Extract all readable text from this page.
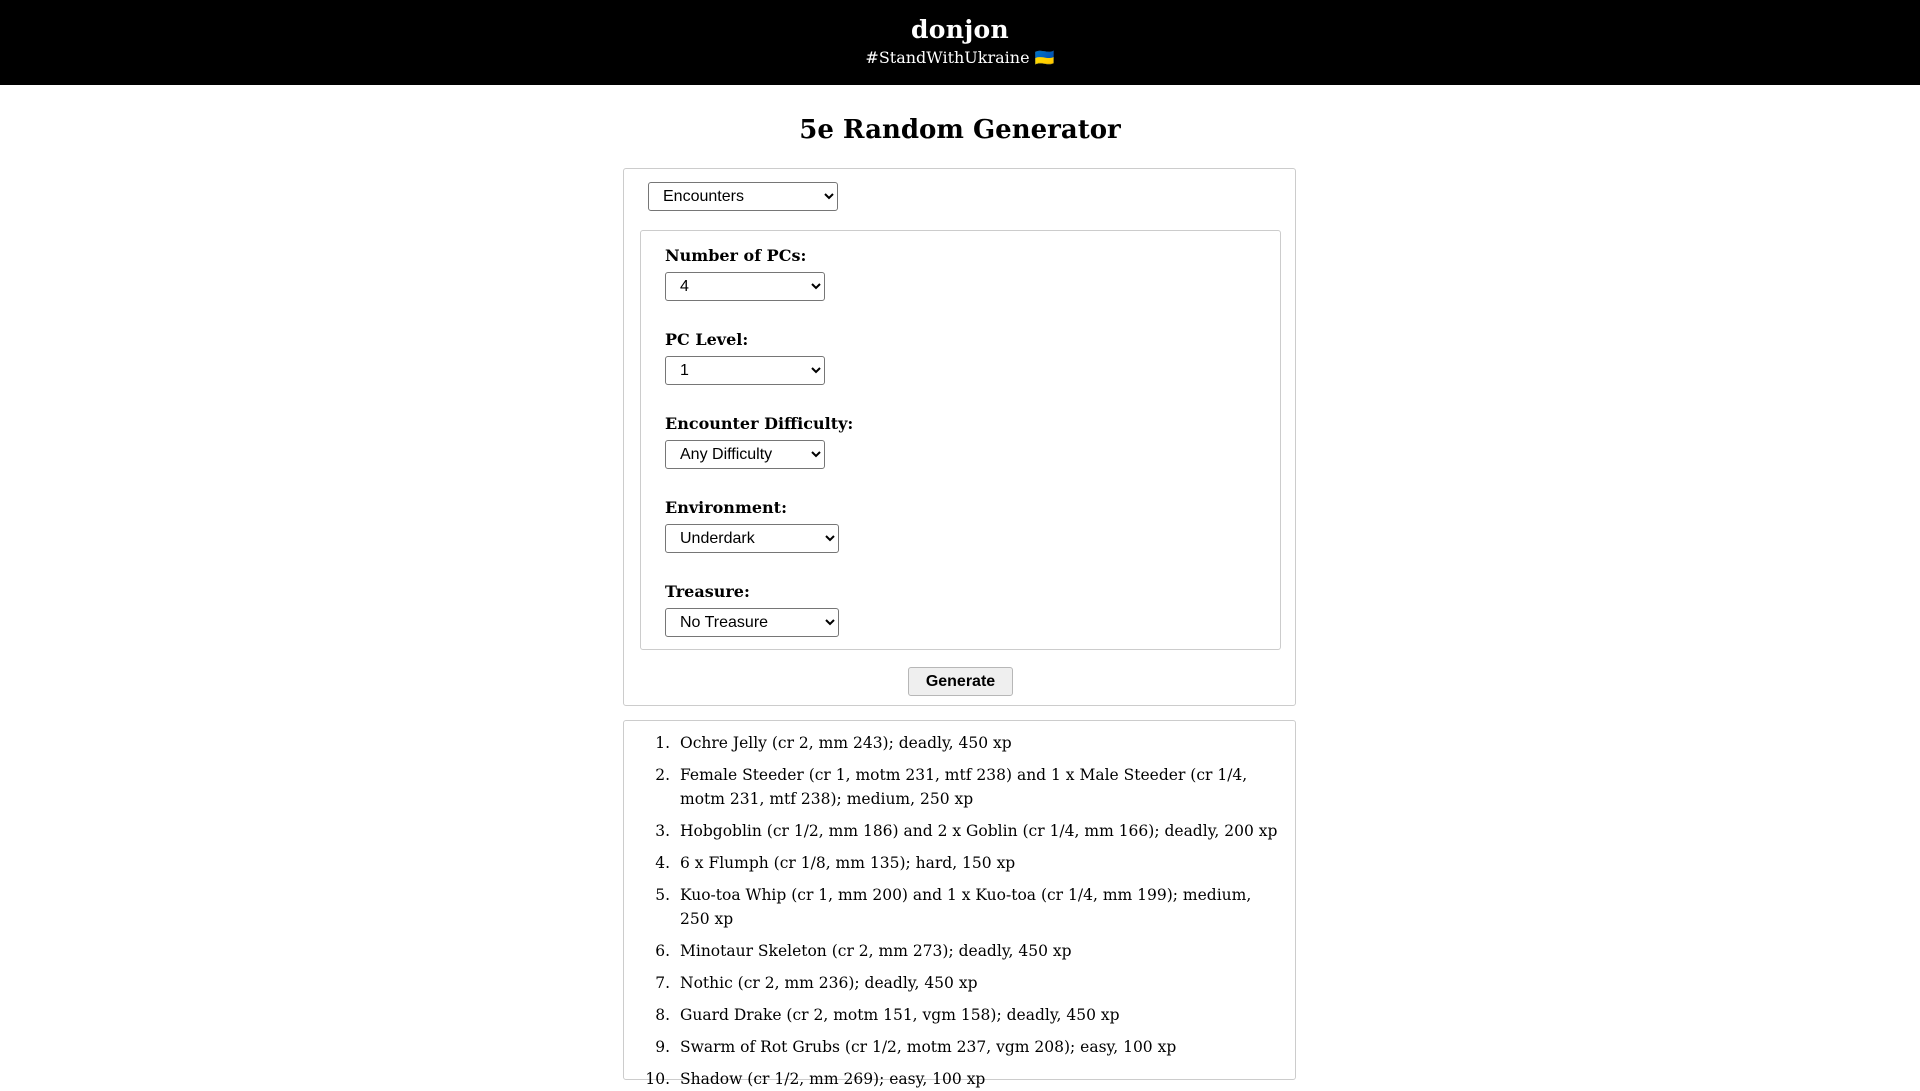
donjon
#StandWithUkraine 🇺🇦
5e Random Generator
Encounters
Number of PCs:
4
PC Level:
1
Encounter Difficulty:
Any Difficulty
Environment:
Underdark
Treasure:
No Treasure
Generate
1. Ochre Jelly (cr 2, mm 243); deadly, 450 xp
2. Female Steeder (cr 1, motm 231, mtf 238) and 1 x Male Steeder (cr 1/4, motm 231, mtf 238); medium, 250 xp
3. Hobgoblin (cr 1/2, mm 186) and 2 x Goblin (cr 1/4, mm 166); deadly, 200 xp
4. 6 x Flumph (cr 1/8, mm 135); hard, 150 xp
5. Kuo-toa Whip (cr 1, mm 200) and 1 x Kuo-toa (cr 1/4, mm 199); medium, 250 xp
6. Minotaur Skeleton (cr 2, mm 273); deadly, 450 xp
7. Nothic (cr 2, mm 236); deadly, 450 xp
8. Guard Drake (cr 2, motm 151, vgm 158); deadly, 450 xp
9. Swarm of Rot Grubs (cr 1/2, motm 237, vgm 208); easy, 100 xp
10. Shadow (cr 1/2, mm 269); easy, 100 xp
